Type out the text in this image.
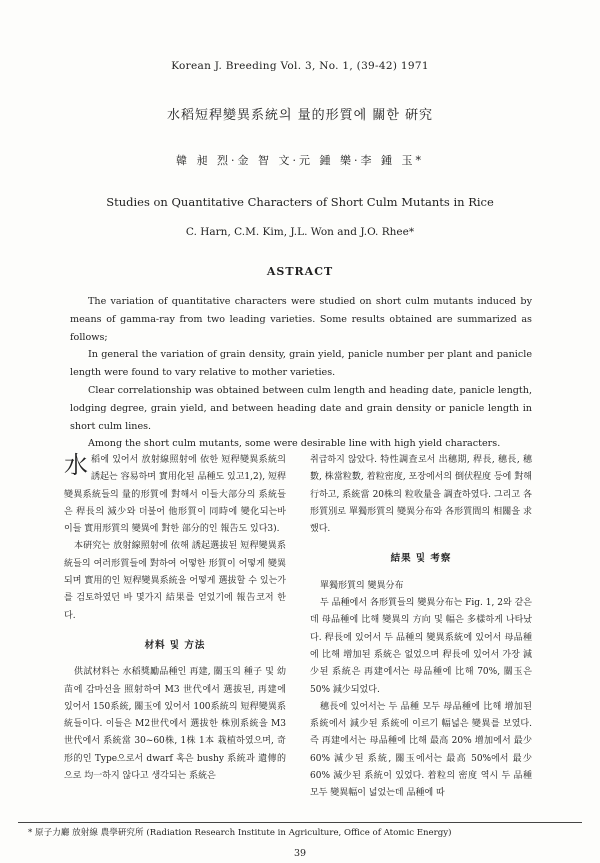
Korean J. Breeding Vol. 3, No. 1, (39-42) 1971
水稻短稈變異系統의 量的形質에 關한 硏究
韓 昶 烈·金 智 文·元 鍾 樂·李 鍾 玉*
Studies on Quantitative Characters of Short Culm Mutants in Rice
C. Harn, C.M. Kim, J.L. Won and J.O. Rhee*
ASTRACT

The variation of quantitative characters were studied on short culm mutants induced by means of gamma-ray from two leading varieties. Some results obtained are summarized as follows;

In general the variation of grain density, grain yield, panicle number per plant and panicle length were found to vary relative to mother varieties.

Clear correlationship was obtained between culm length and heading date, panicle length, lodging degree, grain yield, and between heading date and grain density or panicle length in short culm lines.

Among the short culm mutants, some were desirable line with high yield characters.

水 稻에 있어서 放射線照射에 依한 短稈變異系統의 誘起는 容易하며 實用化된 品種도 있고1,2), 短稈變異系統들의 量的形質에 對해서 이들大部分의 系統들은 稈長의 減少와 더불어 他形質이 同時에 變化되는바 이들 實用形質의 變異에 對한 部分的인 報告도 있다3).

本硏究는 放射線照射에 依해 誘起選拔된 短稈變異系統들의 여러形質들에 對하여 어떻한 形質이 어떻게 變異되며 實用的인 短稈變異系統을 어떻게 選拔할 수 있는가를 검토하였던 바 몇가지 結果를 얻었기에 報告코저 한다.

材料 및 方法

供試材料는 水稻獎勵品種인 再建, 關玉의 種子 및 幼苗에 감마선을 照射하여 M3 世代에서 選拔된, 再建에 있어서 150系統, 關玉에 있어서 100系統의 短稈變異系統들이다. 이들은 M2世代에서 選拔한 株別系統을 M3世代에서 系統當 30~60株, 1株 1本 栽植하였으며, 奇形的인 Type으로서 dwarf 혹은 bushy 系統과 遺傳的으로 均一하지 않다고 생각되는 系統은

취급하지 않았다. 特性調査로서 出穗期, 稈長, 穗長, 穗數, 株當粒數, 着粒密度, 포장에서의 倒伏程度 등에 對해 行하고, 系統當 20株의 粒收量을 調査하였다. 그리고 各形質別로 單獨形質의 變異分布와 各形質間의 相關을 求했다.

結果 및 考察

單獨形質의 變異分布

두 品種에서 各形質들의 變異分布는 Fig. 1, 2와 같은데 母品種에 比해 變異의 方向 및 幅은 多樣하게 나타났다. 稈長에 있어서 두 品種의 變異系統에 있어서 母品種에 比해 增加된 系統은 없었으며 稈長에 있어서 가장 減少된 系統은 再建에서는 母品種에 比해 70%, 關玉은 50% 減少되었다.

穗長에 있어서는 두 品種 모두 母品種에 比해 增加된 系統에서 減少된 系統에 이르기 幅넓은 變異를 보였다. 즉 再建에서는 母品種에 比해 最高 20% 增加에서 最少 60% 減少된 系統, 關玉에서는 最高 50%에서 最少 60% 減少된 系統이 있었다. 着粒의 密度 역시 두 品種 모두 變異幅이 넓었는데 品種에 따

* 原子力廳 放射線 農學硏究所 (Radiation Research Institute in Agriculture, Office of Atomic Energy)
39
